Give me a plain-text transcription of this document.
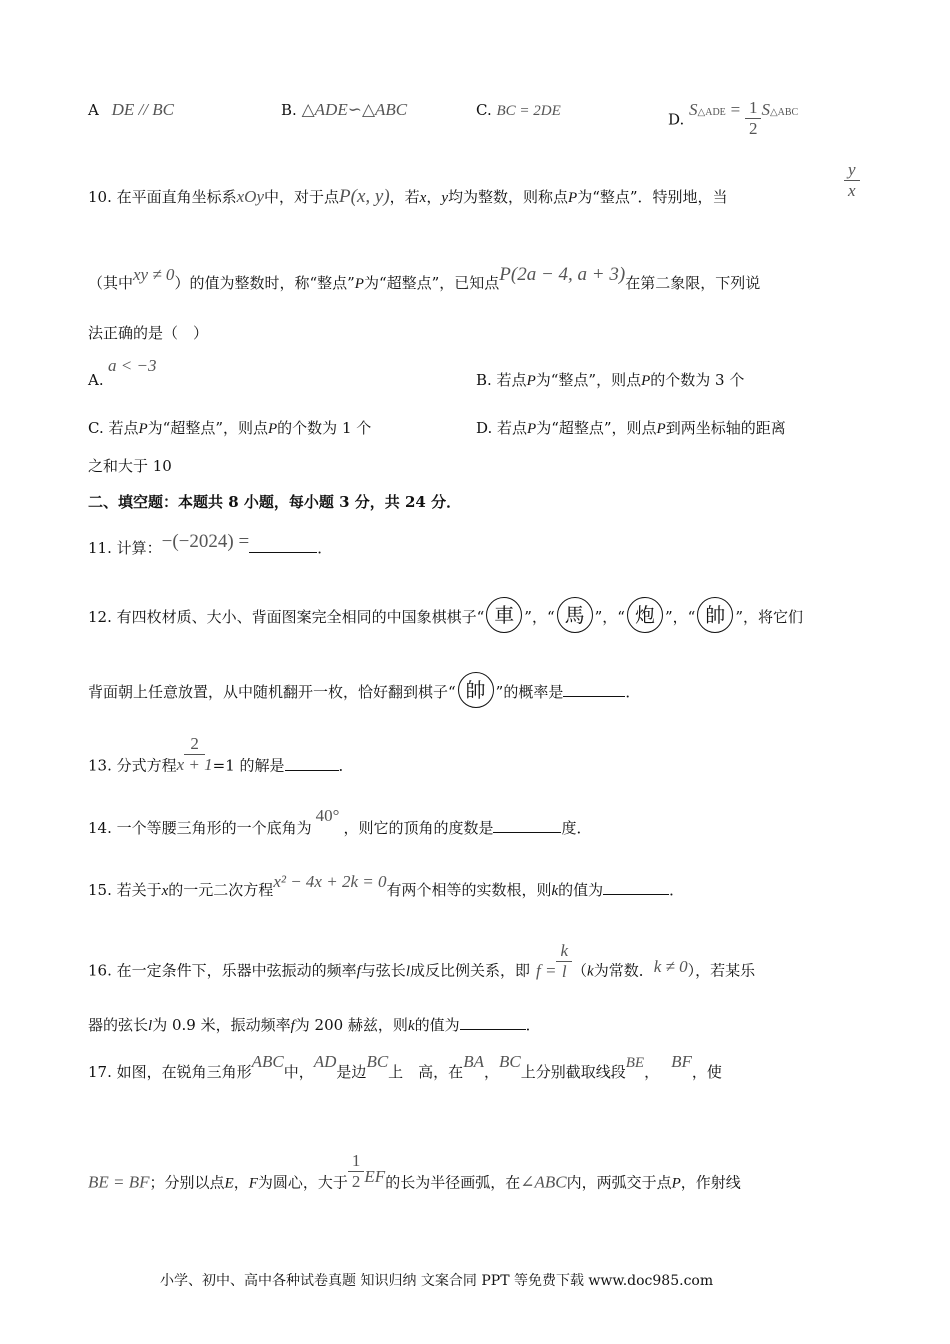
A DE // BC	B. △ADE∽△ABC	C. BC = 2DE	D. S△ADE = $\frac{1}{2}$ S△ABC
10. 在平面直角坐标系xOy中，对于点P(x, y)，若x，y均为整数，则称点P为“整点”．特别地，当	$\frac{y}{x}$
（其中xy ≠ 0）的值为整数时，称“整点”P为“超整点”，已知点P(2a − 4, a + 3)在第二象限，下列说
法正确的是（　）
A.
a < −3
B. 若点P为“整点”，则点P的个数为 3 个
C. 若点P为“超整点”，则点P的个数为 1 个	D. 若点P为“超整点”，则点P到两坐标轴的距离
之和大于 10
二、填空题：本题共 8 小题，每小题 3 分，共 24 分．
11. 计算：−(−2024) =	．
12. 有四枚材质、大小、背面图案完全相同的中国象棋棋子“ 車 ”，“ 馬 ”，“ 炮 ”，“ 帥 ”，将它们
背面朝上任意放置，从中随机翻开一枚，恰好翻到棋子“ 帥 ”的概率是	．
13. 分式方程 $\frac{2}{x + 1} =1$ 的解是	．
14. 一个等腰三角形的一个底角为40°，则它的顶角的度数是	度．
15. 若关于x的一元二次方程x² − 4x + 2k = 0有两个相等的实数根，则k的值为	．
16. 在一定条件下，乐器中弦振动的频率f与弦长l成反比例关系，即 $f = \frac{k}{l} (k$为常数．k ≠ 0），若某乐
器的弦长l为 0.9 米，振动频率f为 200 赫兹，则k的值为	．
17. 如图，在锐角三角形ABC中，AD是边BC上　高，在BA，BC上分别截取线段BE，BF，使
BE = BF；分别以点E，F为圆心，大于 $\frac{1}{2}$ EF的长为半径画弧，在∠ABC内，两弧交于点P，作射线
小学、初中、高中各种试卷真题 知识归纳 文案合同 PPT 等免费下载 www.doc985.com
